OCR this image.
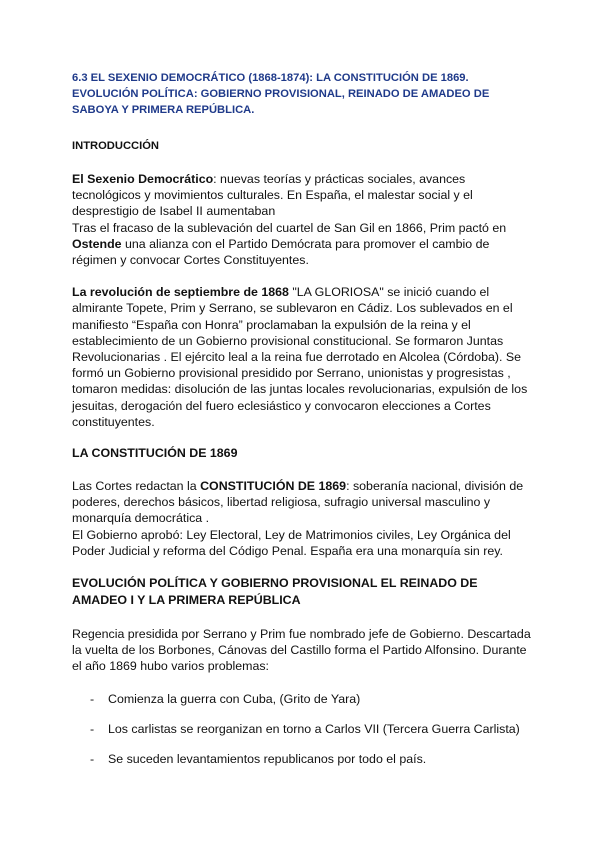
6.3 EL SEXENIO DEMOCRÁTICO (1868-1874): LA CONSTITUCIÓN DE 1869. EVOLUCIÓN POLÍTICA: GOBIERNO PROVISIONAL, REINADO DE AMADEO DE SABOYA Y PRIMERA REPÚBLICA.
INTRODUCCIÓN

El Sexenio Democrático: nuevas teorías y prácticas sociales, avances tecnológicos y movimientos culturales. En España, el malestar social y el desprestigio de Isabel II aumentaban

Tras el fracaso de la sublevación del cuartel de San Gil en 1866, Prim pactó en Ostende una alianza con el Partido Demócrata para promover el cambio de régimen y convocar Cortes Constituyentes.

La revolución de septiembre de 1868 "LA GLORIOSA" se inició cuando el almirante Topete, Prim y Serrano, se sublevaron en Cádiz. Los sublevados en el manifiesto “España con Honra” proclamaban la expulsión de la reina y el establecimiento de un Gobierno provisional constitucional. Se formaron Juntas Revolucionarias . El ejército leal a la reina fue derrotado en Alcolea (Córdoba). Se formó un Gobierno provisional presidido por Serrano, unionistas y progresistas , tomaron medidas: disolución de las juntas locales revolucionarias, expulsión de los jesuitas, derogación del fuero eclesiástico y convocaron elecciones a Cortes constituyentes.

LA CONSTITUCIÓN DE 1869

Las Cortes redactan la CONSTITUCIÓN DE 1869: soberanía nacional, división de poderes, derechos básicos, libertad religiosa, sufragio universal masculino y monarquía democrática .

El Gobierno aprobó: Ley Electoral, Ley de Matrimonios civiles, Ley Orgánica del Poder Judicial y reforma del Código Penal. España era una monarquía sin rey.

EVOLUCIÓN POLÍTICA Y GOBIERNO PROVISIONAL EL REINADO DE AMADEO I Y LA PRIMERA REPÚBLICA

Regencia presidida por Serrano y Prim fue nombrado jefe de Gobierno. Descartada la vuelta de los Borbones, Cánovas del Castillo forma el Partido Alfonsino. Durante el año 1869 hubo varios problemas:

- Comienza la guerra con Cuba, (Grito de Yara)
- Los carlistas se reorganizan en torno a Carlos VII (Tercera Guerra Carlista)
- Se suceden levantamientos republicanos por todo el país.
